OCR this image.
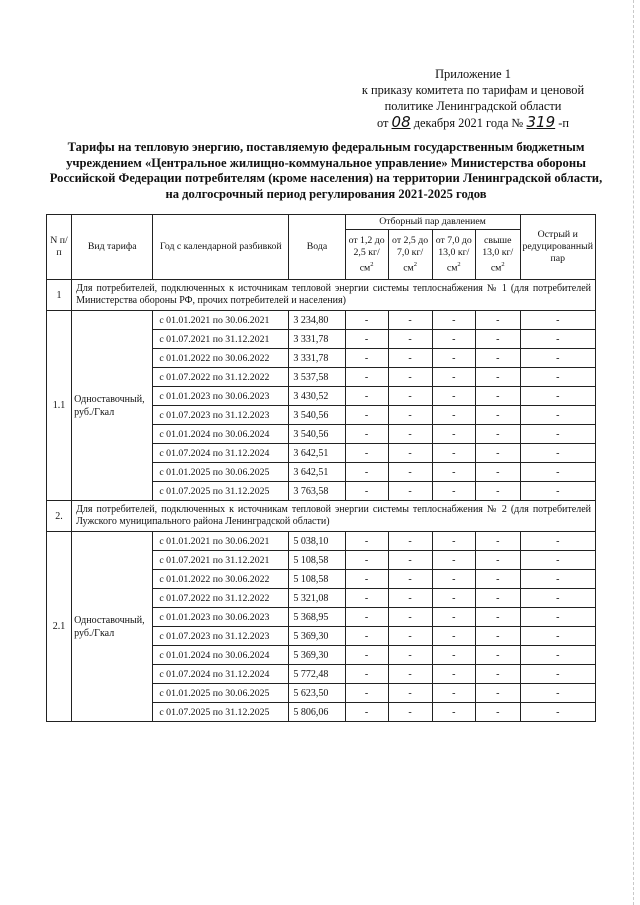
Приложение 1
к приказу комитета по тарифам и ценовой
политике Ленинградской области
от 08 декабря 2021 года № 319 -п
Тарифы на тепловую энергию, поставляемую федеральным государственным бюджетным учреждением «Центральное жилищно-коммунальное управление» Министерства обороны Российской Федерации потребителям (кроме населения) на территории Ленинградской области, на долгосрочный период регулирования 2021-2025 годов
N п/п	Вид тарифа	Год с календарной разбивкой	Вода	Отборный пар давлением				Острый и редуцированный пар
				от 1,2 до 2,5 $кг/см^2$	от 2,5 до 7,0 $кг/см^2$	от 7,0 до 13,0 $кг/см^2$	свыше 13,0 $кг/см^2$
1	Для потребителей, подключенных к источникам тепловой энергии системы теплоснабжения № 1 (для потребителей Министерства обороны РФ, прочих потребителей и населения)							
1.1	Одноставочный, руб./Гкал	с 01.01.2021 по 30.06.2021	3 234,80	-	-	-	-	-
		с 01.07.2021 по 31.12.2021	3 331,78	-	-	-	-	-
		с 01.01.2022 по 30.06.2022	3 331,78	-	-	-	-	-
		с 01.07.2022 по 31.12.2022	3 537,58	-	-	-	-	-
		с 01.01.2023 по 30.06.2023	3 430,52	-	-	-	-	-
		с 01.07.2023 по 31.12.2023	3 540,56	-	-	-	-	-
		с 01.01.2024 по 30.06.2024	3 540,56	-	-	-	-	-
		с 01.07.2024 по 31.12.2024	3 642,51	-	-	-	-	-
		с 01.01.2025 по 30.06.2025	3 642,51	-	-	-	-	-
		с 01.07.2025 по 31.12.2025	3 763,58	-	-	-	-	-
2.	Для потребителей, подключенных к источникам тепловой энергии системы теплоснабжения № 2 (для потребителей Лужского муниципального района Ленинградской области)							
2.1	Одноставочный, руб./Гкал	с 01.01.2021 по 30.06.2021	5 038,10	-	-	-	-	-
		с 01.07.2021 по 31.12.2021	5 108,58	-	-	-	-	-
		с 01.01.2022 по 30.06.2022	5 108,58	-	-	-	-	-
		с 01.07.2022 по 31.12.2022	5 321,08	-	-	-	-	-
		с 01.01.2023 по 30.06.2023	5 368,95	-	-	-	-	-
		с 01.07.2023 по 31.12.2023	5 369,30	-	-	-	-	-
		с 01.01.2024 по 30.06.2024	5 369,30	-	-	-	-	-
		с 01.07.2024 по 31.12.2024	5 772,48	-	-	-	-	-
		с 01.01.2025 по 30.06.2025	5 623,50	-	-	-	-	-
		с 01.07.2025 по 31.12.2025	5 806,06	-	-	-	-	-
